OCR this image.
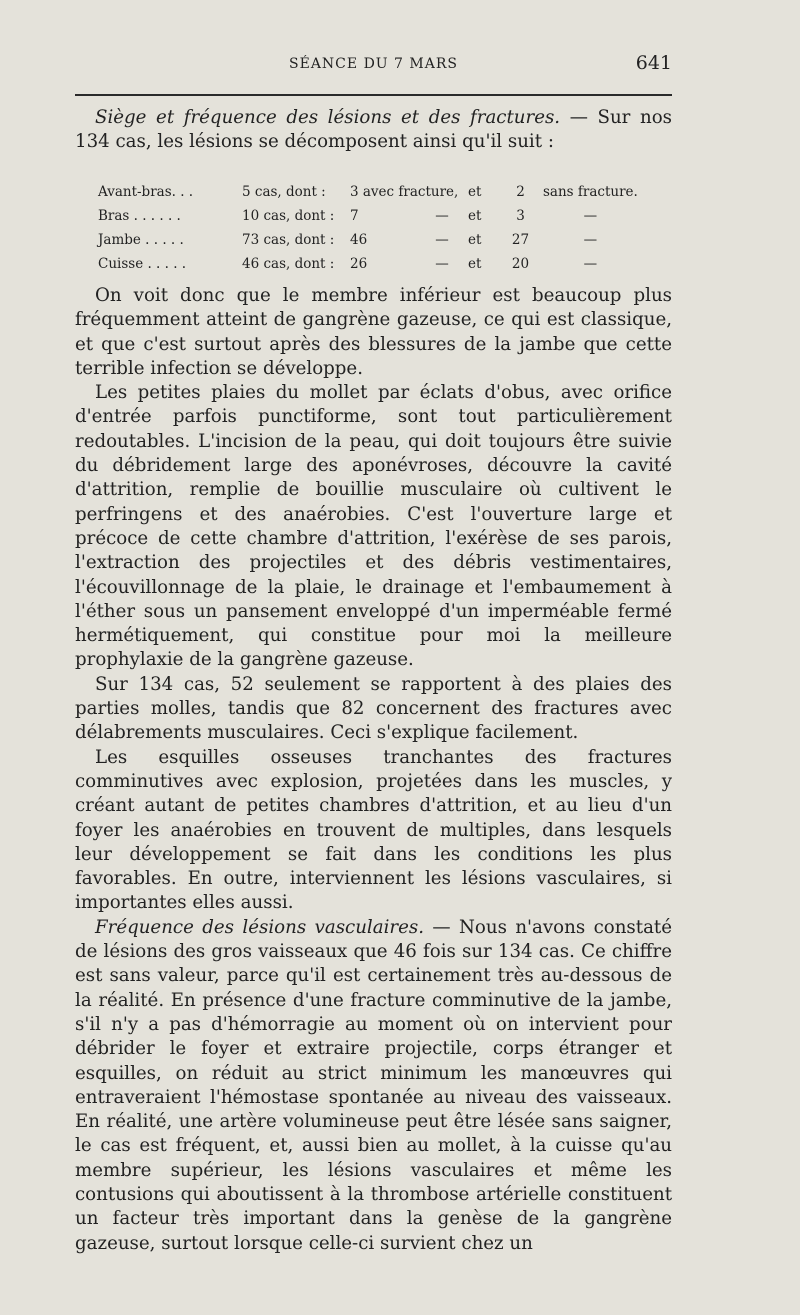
SÉANCE DU 7 MARS	641

Siège et fréquence des lésions et des fractures. — Sur nos 134 cas, les lésions se décomposent ainsi qu'il suit :

Avant-bras. . .	5 cas, dont :	3 avec fracture,		et	2	sans fracture.
Bras . . . . . .	10 cas, dont :	7	—	et	3	—
Jambe . . . . .	73 cas, dont :	46	—	et	27	—
Cuisse . . . . .	46 cas, dont :	26	—	et	20	—

On voit donc que le membre inférieur est beaucoup plus fréquemment atteint de gangrène gazeuse, ce qui est classique, et que c'est surtout après des blessures de la jambe que cette terrible infection se développe.

Les petites plaies du mollet par éclats d'obus, avec orifice d'entrée parfois punctiforme, sont tout particulièrement redoutables. L'incision de la peau, qui doit toujours être suivie du débridement large des aponévroses, découvre la cavité d'attrition, remplie de bouillie musculaire où cultivent le perfringens et des anaérobies. C'est l'ouverture large et précoce de cette chambre d'attrition, l'exérèse de ses parois, l'extraction des projectiles et des débris vestimentaires, l'écouvillonnage de la plaie, le drainage et l'embaumement à l'éther sous un pansement enveloppé d'un imperméable fermé hermétiquement, qui constitue pour moi la meilleure prophylaxie de la gangrène gazeuse.

Sur 134 cas, 52 seulement se rapportent à des plaies des parties molles, tandis que 82 concernent des fractures avec délabrements musculaires. Ceci s'explique facilement.

Les esquilles osseuses tranchantes des fractures comminutives avec explosion, projetées dans les muscles, y créant autant de petites chambres d'attrition, et au lieu d'un foyer les anaérobies en trouvent de multiples, dans lesquels leur développement se fait dans les conditions les plus favorables. En outre, interviennent les lésions vasculaires, si importantes elles aussi.

Fréquence des lésions vasculaires. — Nous n'avons constaté de lésions des gros vaisseaux que 46 fois sur 134 cas. Ce chiffre est sans valeur, parce qu'il est certainement très au-dessous de la réalité. En présence d'une fracture comminutive de la jambe, s'il n'y a pas d'hémorragie au moment où on intervient pour débrider le foyer et extraire projectile, corps étranger et esquilles, on réduit au strict minimum les manœuvres qui entraveraient l'hémostase spontanée au niveau des vaisseaux. En réalité, une artère volumineuse peut être lésée sans saigner, le cas est fréquent, et, aussi bien au mollet, à la cuisse qu'au membre supérieur, les lésions vasculaires et même les contusions qui aboutissent à la thrombose artérielle constituent un facteur très important dans la genèse de la gangrène gazeuse, surtout lorsque celle-ci survient chez un
